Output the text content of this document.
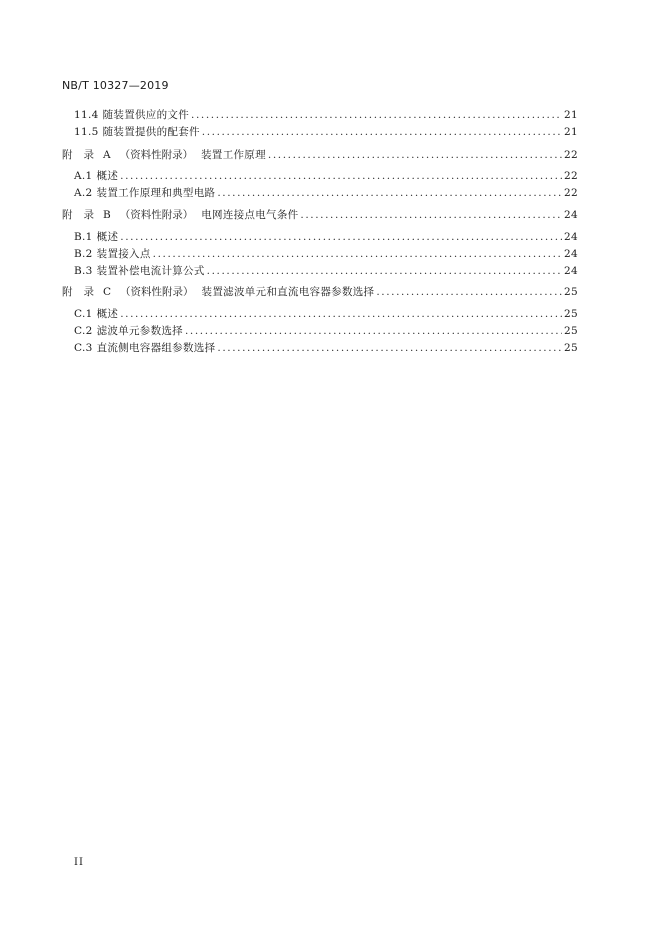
NB/T 10327—2019
11.4 随装置供应的文件 .....	21
11.5 随装置提供的配套件 .....	21
附 录 A （资料性附录） 装置工作原理 .....	22
A.1 概述 .....	22
A.2 装置工作原理和典型电路 .....	22
附 录 B （资料性附录） 电网连接点电气条件 .....	24
B.1 概述 .....	24
B.2 装置接入点 .....	24
B.3 装置补偿电流计算公式 .....	24
附 录 C （资料性附录） 装置滤波单元和直流电容器参数选择 .....	25
C.1 概述 .....	25
C.2 滤波单元参数选择 .....	25
C.3 直流侧电容器组参数选择 .....	25
II
